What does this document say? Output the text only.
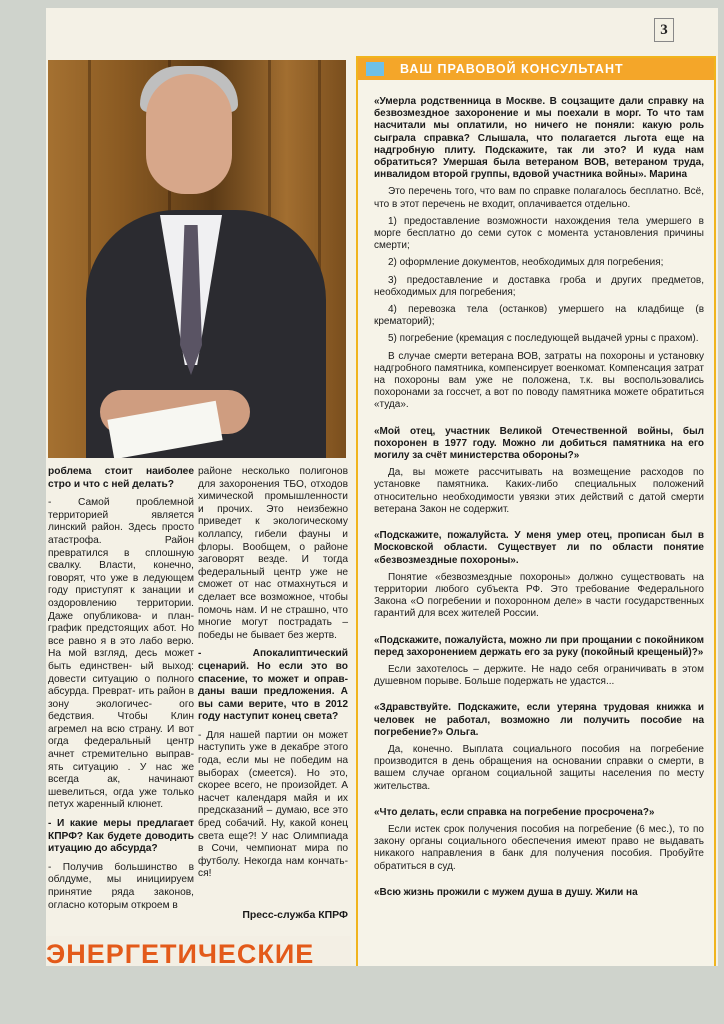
3

роблема стоит наиболее стро и что с ней делать?

- Самой проблемной территорией является линский район. Здесь просто атастрофа. Район превратился в сплошную свалку. Власти, конечно, говорят, что уже в ледующем году приступят к занации и оздоровлению территории. Даже опубликова- и план-график предстоящих абот. Но все равно я в это лабо верю. На мой взгляд, десь может быть единствен- ый выход: довести ситуацию о полного абсурда. Преврат- ить район в зону экологичес- ого бедствия. Чтобы Клин агремел на всю страну. И вот огда федеральный центр ачнет стремительно выправ- ять ситуацию . У нас же всегда ак, начинают шевелиться, огда уже только петух жаренный клюнет.

- И какие меры предлагает КПРФ? Как будете доводить итуацию до абсурда?

- Получив большинство в облдуме, мы инициируем принятие ряда законов, огласно которым откроем в

районе несколько полигонов для захоронения ТБО, отходов химической промышленности и прочих. Это неизбежно приведет к экологическому коллапсу, гибели фауны и флоры. Вообщем, о районе заговорят везде. И тогда федеральный центр уже не сможет от нас отмахнуться и сделает все возможное, чтобы помочь нам. И не страшно, что многие могут пострадать – победы не бывает без жертв.

- Апокалиптический сценарий. Но если это во спасение, то может и оправ- даны ваши предложения. А вы сами верите, что в 2012 году наступит конец света?

- Для нашей партии он может наступить уже в декабре этого года, если мы не победим на выборах (смеется). Но это, скорее всего, не произойдет. А насчет календаря майя и их предсказаний – думаю, все это бред собачий. Ну, какой конец света еще?! У нас Олимпиада в Сочи, чемпионат мира по футболу. Некогда нам кончать- ся!

Пресс-служба КПРФ
ЭНЕРГЕТИЧЕСКИЕ
ВАШ ПРАВОВОЙ КОНСУЛЬТАНТ

«Умерла родственница в Москве. В соцзащите дали справку на безвозмездное захоронение и мы поехали в морг. То что там насчитали мы оплатили, но ничего не поняли: какую роль сыграла справка? Слышала, что полагается льгота еще на надгробную плиту. Подскажите, так ли это? И куда нам обратиться? Умершая была ветераном ВОВ, ветераном труда, инвалидом второй группы, вдовой участника войны». Марина

Это перечень того, что вам по справке полагалось бесплатно. Всё, что в этот перечень не входит, оплачивается отдельно.

1) предоставление возможности нахождения тела умершего в морге бесплатно до семи суток с момента установления причины смерти;

2) оформление документов, необходимых для погребения;

3) предоставление и доставка гроба и других предметов, необходимых для погребения;

4) перевозка тела (останков) умершего на кладбище (в крематорий);

5) погребение (кремация с последующей выдачей урны с прахом).

В случае смерти ветерана ВОВ, затраты на похороны и установку надгробного памятника, компенсирует военкомат. Компенсация затрат на похороны вам уже не положена, т.к. вы воспользовались похоронами за госсчет, а вот по поводу памятника можете обратиться «туда».

«Мой отец, участник Великой Отечественной войны, был похоронен в 1977 году. Можно ли добиться памятника на его могилу за счёт министерства обороны?»

Да, вы можете рассчитывать на возмещение расходов по установке памятника. Каких-либо специальных положений относительно необходимости увязки этих действий с датой смерти ветерана Закон не содержит.

«Подскажите, пожалуйста. У меня умер отец, прописан был в Московской области. Существует ли по области понятие «безвозмездные похороны».

Понятие «безвозмездные похороны» должно существовать на территории любого субъекта РФ. Это требование Федерального Закона «О погребении и похоронном деле» в части государственных гарантий для всех жителей России.

«Подскажите, пожалуйста, можно ли при прощании с покойником перед захоронением держать его за руку (покойный крещеный)?»

Если захотелось – держите. Не надо себя ограничивать в этом душевном порыве. Больше подержать не удастся...

«Здравствуйте. Подскажите, если утеряна трудовая книжка и человек не работал, возможно ли получить пособие на погребение?» Ольга.

Да, конечно. Выплата социального пособия на погребение производится в день обращения на основании справки о смерти, в вашем случае органом социальной защиты населения по месту жительства.

«Что делать, если справка на погребение просрочена?»

Если истек срок получения пособия на погребение (6 мес.), то по закону органы социального обеспечения имеют право не выдавать никакого направления в банк для получения пособия. Пробуйте обратиться в суд.

«Всю жизнь прожили с мужем душа в душу. Жили на
